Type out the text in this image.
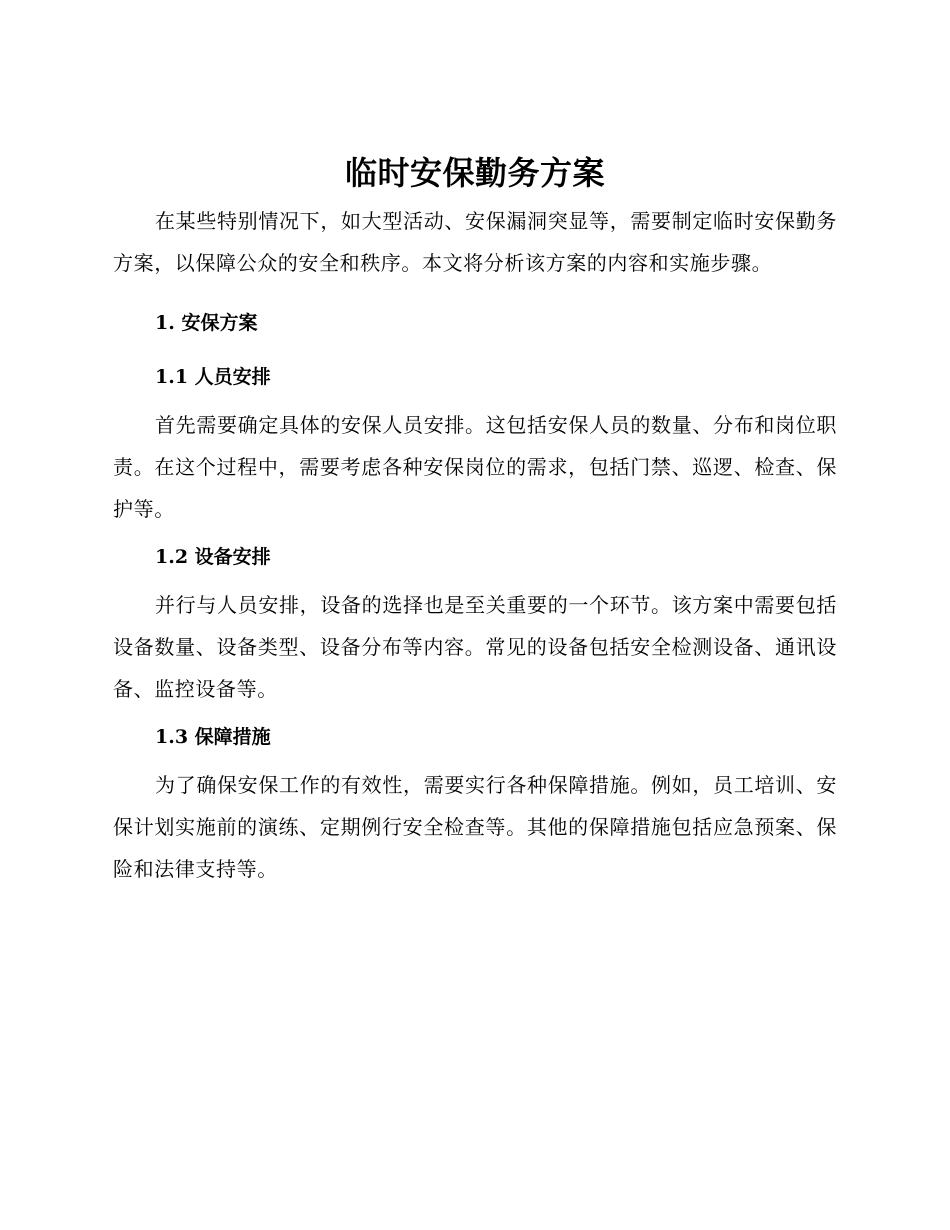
临时安保勤务方案

在某些特别情况下，如大型活动、安保漏洞突显等，需要制定临时安保勤务方案，以保障公众的安全和秩序。本文将分析该方案的内容和实施步骤。

1. 安保方案
1.1 人员安排

首先需要确定具体的安保人员安排。这包括安保人员的数量、分布和岗位职责。在这个过程中，需要考虑各种安保岗位的需求，包括门禁、巡逻、检查、保护等。

1.2 设备安排

并行与人员安排，设备的选择也是至关重要的一个环节。该方案中需要包括设备数量、设备类型、设备分布等内容。常见的设备包括安全检测设备、通讯设备、监控设备等。

1.3 保障措施

为了确保安保工作的有效性，需要实行各种保障措施。例如，员工培训、安保计划实施前的演练、定期例行安全检查等。其他的保障措施包括应急预案、保险和法律支持等。
